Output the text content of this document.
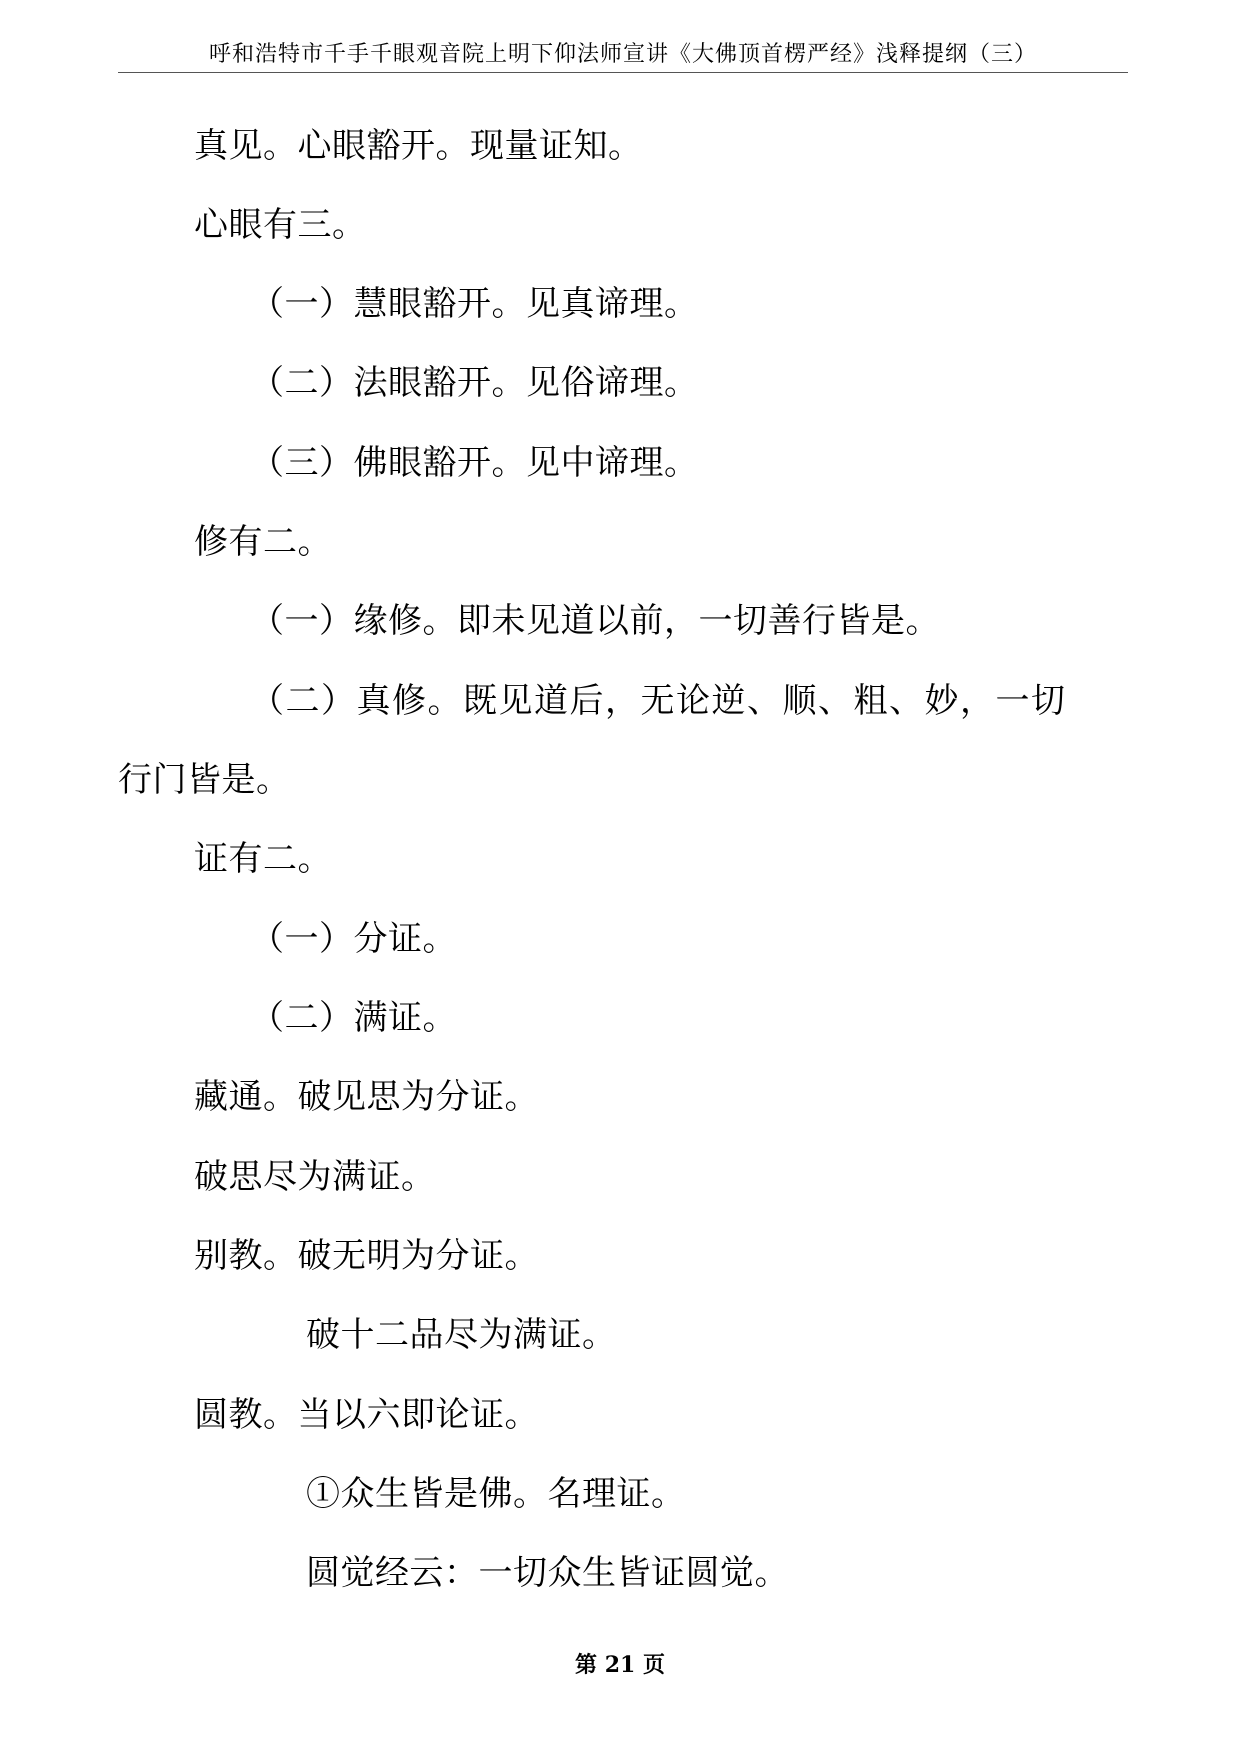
呼和浩特市千手千眼观音院上明下仰法师宣讲《大佛顶首楞严经》浅释提纲（三）
真见。心眼豁开。现量证知。
心眼有三。
（一）慧眼豁开。见真谛理。
（二）法眼豁开。见俗谛理。
（三）佛眼豁开。见中谛理。
修有二。
（一）缘修。即未见道以前，一切善行皆是。
（二）真修。既见道后，无论逆、顺、粗、妙，一切
行门皆是。
证有二。
（一）分证。
（二）满证。
藏通。破见思为分证。
破思尽为满证。
别教。破无明为分证。
破十二品尽为满证。
圆教。当以六即论证。
①众生皆是佛。名理证。
圆觉经云：一切众生皆证圆觉。
第 21 页
